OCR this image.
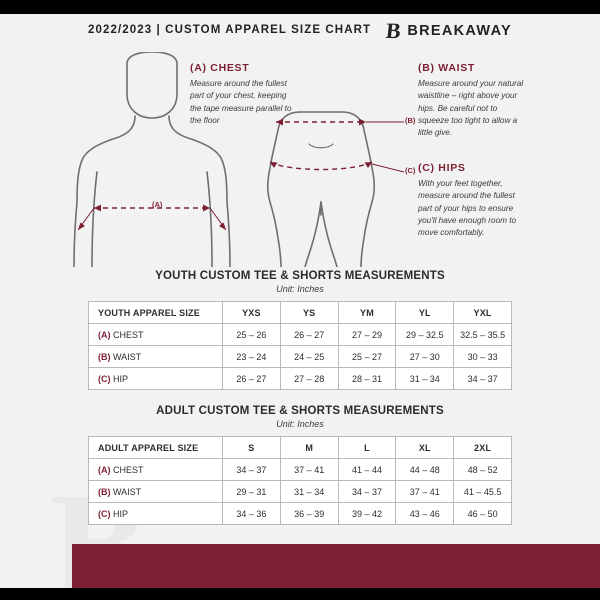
2022/2023 | CUSTOM APPAREL SIZE CHART B BREAKAWAY
(A)
(B)
(C)

(A) CHEST

Measure around the fullest part of your chest, keeping the tape measure parallel to the floor

(B) WAIST

Measure around your natural waistline – right above your hips. Be careful not to squeeze too tight to allow a little give.

(C) HIPS

With your feet together, measure around the fullest part of your hips to ensure you'll have enough room to move comfortably.

YOUTH CUSTOM TEE & SHORTS MEASUREMENTS

Unit: Inches

YOUTH APPAREL SIZE	YXS	YS	YM	YL	YXL
(A) CHEST	25 – 26	26 – 27	27 – 29	29 – 32.5	32.5 – 35.5
(B) WAIST	23 – 24	24 – 25	25 – 27	27 – 30	30 – 33
(C) HIP	26 – 27	27 – 28	28 – 31	31 – 34	34 – 37

ADULT CUSTOM TEE & SHORTS MEASUREMENTS

Unit: Inches

ADULT APPAREL SIZE	S	M	L	XL	2XL
(A) CHEST	34 – 37	37 – 41	41 – 44	44 – 48	48 – 52
(B) WAIST	29 – 31	31 – 34	34 – 37	37 – 41	41 – 45.5
(C) HIP	34 – 36	36 – 39	39 – 42	43 – 46	46 – 50
